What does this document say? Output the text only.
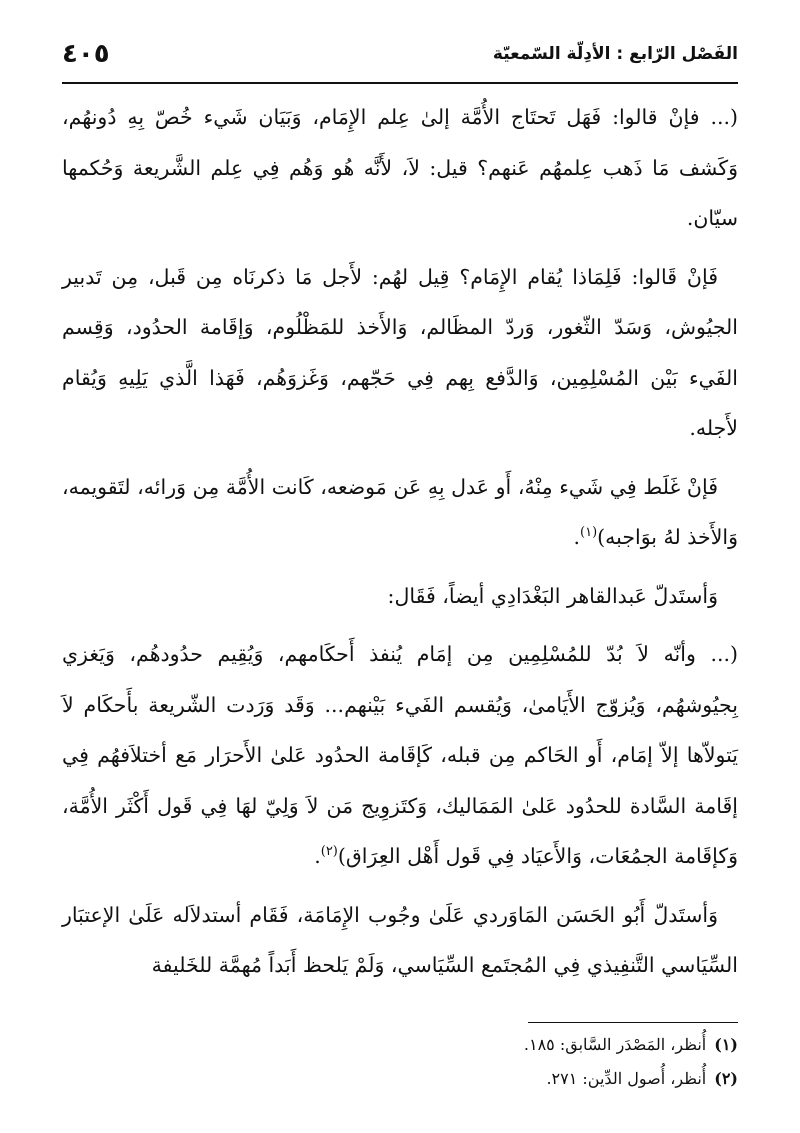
الفَصْل الرّابع : الأدِلّة السّمعيّة
٤٠٥

(... فإنْ قالوا: فَهَل تَحتَاج الأُمَّة إلىٰ عِلم الإِمَام، وَبَيَان شَيء خُصّ بِهِ دُونهُم، وَكَشف مَا ذَهب عِلمهُم عَنهم؟ قيل: لاَ، لأَنَّه هُو وَهُم فِي عِلم الشَّريعة وَحُكمها سيّان.

فَإنْ قَالوا: فَلِمَاذا يُقام الإِمَام؟ قِيل لهُم: لأَجل مَا ذكرنَاه مِن قَبل، مِن تَدبير الجيُوش، وَسَدّ الثّغور، وَردّ المظَالم، وَالأَخذ للمَظْلُوم، وَإقَامة الحدُود، وَقِسم الفَيء بَيْن المُسْلِمِين، وَالدَّفع بِهم فِي حَجّهم، وَغَزوَهُم، فَهَذا الَّذي يَلِيهِ وَيُقام لأَجله.

فَإنْ غَلَط فِي شَيء مِنْهُ، أَو عَدل بِهِ عَن مَوضعه، كَانت الأُمَّة مِن وَرائه، لتَقويمه، وَالأَخذ لهُ بوَاجبه)$^{(١)}$.

وَأستَدلّ عَبدالقاهر البَغْدَادِي أيضاً، فَقَال:

(... وأنّه لاَ بُدّ للمُسْلِمِين مِن إمَام يُنفذ أَحكَامهم، وَيُقِيم حدُودهُم، وَيَغزي بِجيُوشهُم، وَيُزوّج الأَيَامىٰ، وَيُقسم الفَيء بَيْنهم... وَقَد وَرَدت الشّريعة بأَحكَام لاَ يَتولاّها إلاّ إمَام، أَو الحَاكم مِن قبله، كَإقَامة الحدُود عَلىٰ الأَحرَار مَع أختلاَفهُم فِي إقَامة السَّادة للحدُود عَلىٰ المَمَاليك، وَكتَزوِيج مَن لاَ وَلِيّ لهَا فِي قَول أَكْثَر الأُمَّة، وَكإقَامة الجمُعَات، وَالأَعيَاد فِي قَول أَهْل العِرَاق)$^{(٢)}$.

وَأستَدلّ أَبُو الحَسَن المَاوَردي عَلَىٰ وجُوب الإِمَامَة، فَقَام أستدلاَله عَلَىٰ الإعتبَار السِّيَاسي التَّنفِيذي فِي المُجتَمع السِّيَاسي، وَلَمْ يَلحظ أَبَداً مُهمَّة للخَليفة

(١)
أُنظر، المَصْدَر السَّابق: ١٨٥.
(٢)
أُنظر، أُصول الدِّين: ٢٧١.
